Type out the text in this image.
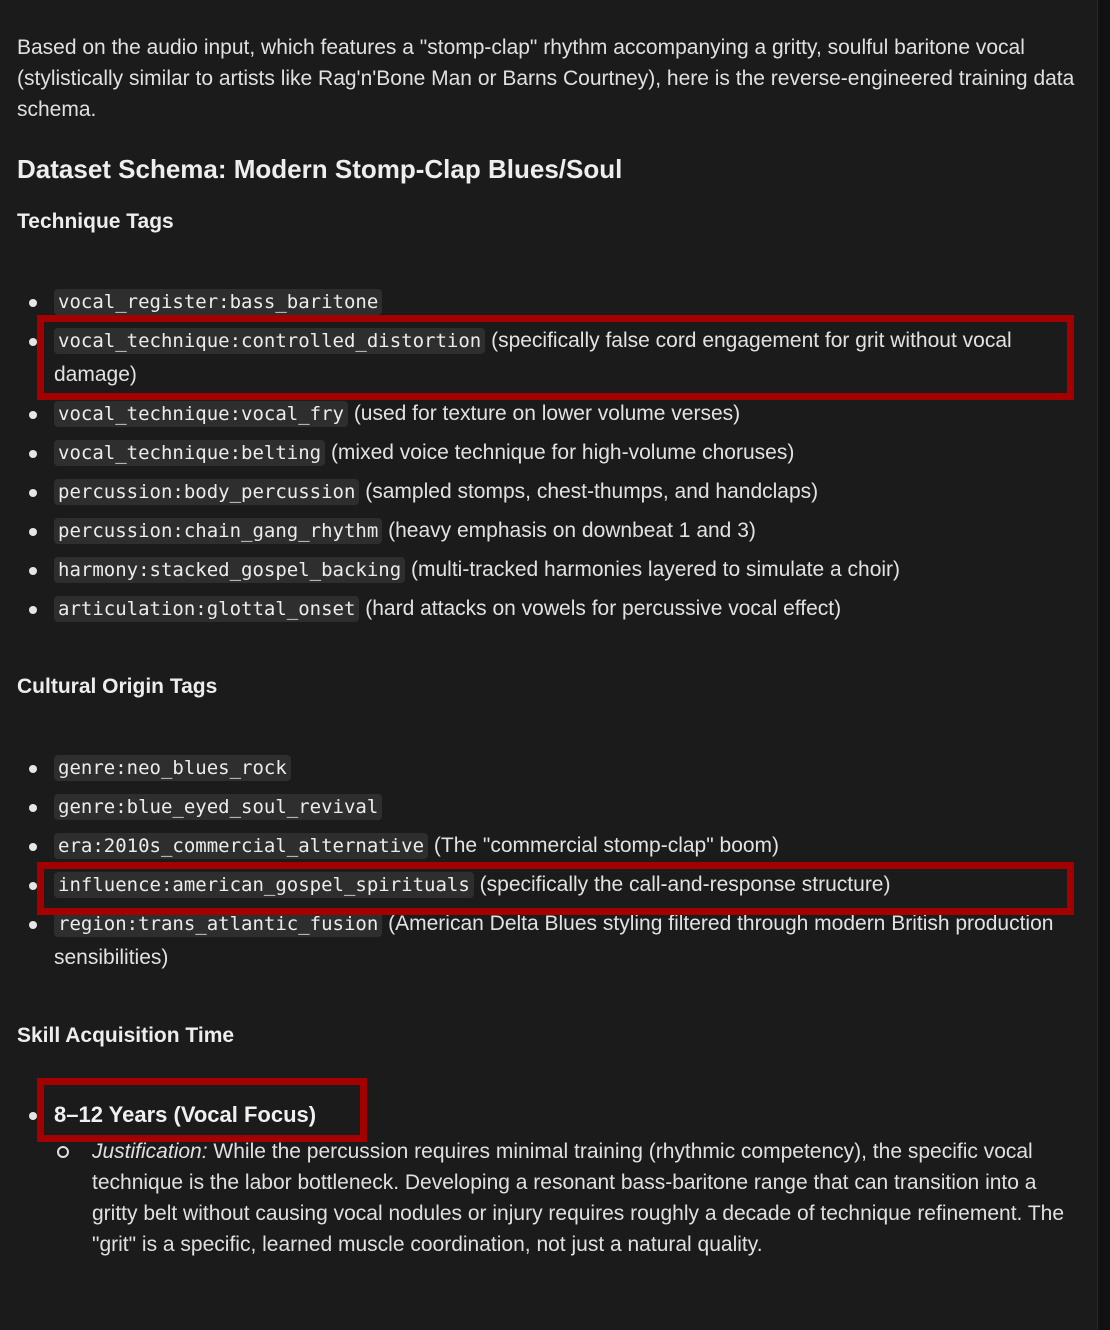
Based on the audio input, which features a "stomp-clap" rhythm accompanying a gritty, soulful baritone vocal (stylistically similar to artists like Rag'n'Bone Man or Barns Courtney), here is the reverse-engineered training data schema.

Dataset Schema: Modern Stomp-Clap Blues/Soul
Technique Tags
vocal_register:bass_baritone
vocal_technique:controlled_distortion (specifically false cord engagement for grit without vocal damage)
vocal_technique:vocal_fry (used for texture on lower volume verses)
vocal_technique:belting (mixed voice technique for high-volume choruses)
percussion:body_percussion (sampled stomps, chest-thumps, and handclaps)
percussion:chain_gang_rhythm (heavy emphasis on downbeat 1 and 3)
harmony:stacked_gospel_backing (multi-tracked harmonies layered to simulate a choir)
articulation:glottal_onset (hard attacks on vowels for percussive vocal effect)
Cultural Origin Tags
genre:neo_blues_rock
genre:blue_eyed_soul_revival
era:2010s_commercial_alternative (The "commercial stomp-clap" boom)
influence:american_gospel_spirituals (specifically the call-and-response structure)
region:trans_atlantic_fusion (American Delta Blues styling filtered through modern British production sensibilities)
Skill Acquisition Time
8–12 Years (Vocal Focus)
Justification: While the percussion requires minimal training (rhythmic competency), the specific vocal technique is the labor bottleneck. Developing a resonant bass-baritone range that can transition into a gritty belt without causing vocal nodules or injury requires roughly a decade of technique refinement. The "grit" is a specific, learned muscle coordination, not just a natural quality.
